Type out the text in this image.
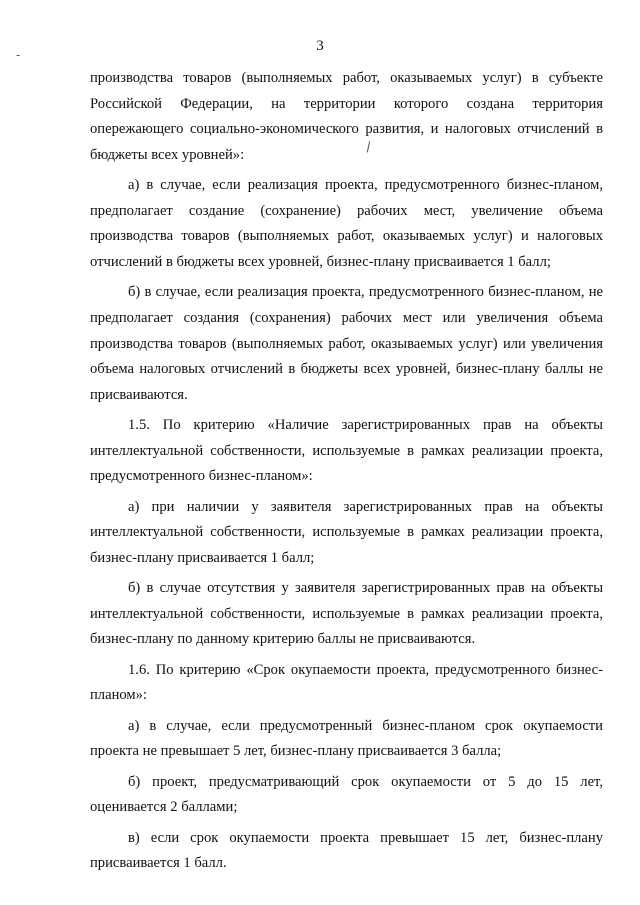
3
-
\

производства товаров (выполняемых работ, оказываемых услуг) в субъекте Российской Федерации, на территории которого создана территория опережающего социально-экономического развития, и налоговых отчислений в бюджеты всех уровней»:

а) в случае, если реализация проекта, предусмотренного бизнес-планом, предполагает создание (сохранение) рабочих мест, увеличение объема производства товаров (выполняемых работ, оказываемых услуг) и налоговых отчислений в бюджеты всех уровней, бизнес-плану присваивается 1 балл;

б) в случае, если реализация проекта, предусмотренного бизнес-планом, не предполагает создания (сохранения) рабочих мест или увеличения объема производства товаров (выполняемых работ, оказываемых услуг) или увеличения объема налоговых отчислений в бюджеты всех уровней, бизнес-плану баллы не присваиваются.

1.5. По критерию «Наличие зарегистрированных прав на объекты интеллектуальной собственности, используемые в рамках реализации проекта, предусмотренного бизнес-планом»:

а) при наличии у заявителя зарегистрированных прав на объекты интеллектуальной собственности, используемые в рамках реализации проекта, бизнес-плану присваивается 1 балл;

б) в случае отсутствия у заявителя зарегистрированных прав на объекты интеллектуальной собственности, используемые в рамках реализации проекта, бизнес-плану по данному критерию баллы не присваиваются.

1.6. По критерию «Срок окупаемости проекта, предусмотренного бизнес-планом»:

а) в случае, если предусмотренный бизнес-планом срок окупаемости проекта не превышает 5 лет, бизнес-плану присваивается 3 балла;

б) проект, предусматривающий срок окупаемости от 5 до 15 лет, оценивается 2 баллами;

в) если срок окупаемости проекта превышает 15 лет, бизнес-плану присваивается 1 балл.
